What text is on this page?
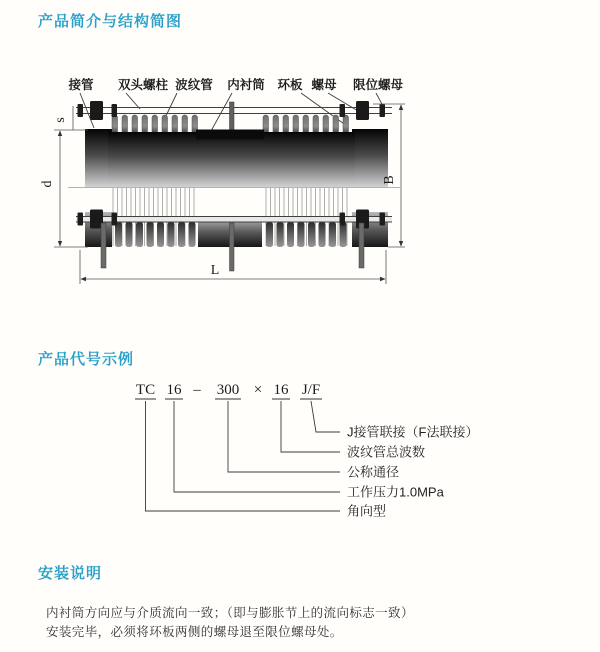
产品简介与结构简图
产品代号示例
安装说明
接管 双头螺柱 波纹管 内衬筒 环板 螺母 限位螺母
s
d	B
L
TC 16 – 300 × 16 J/F
J接管联接（F法联接）
波纹管总波数
公称通径
工作压力1.0MPa
角向型
内衬筒方向应与介质流向一致；（即与膨胀节上的流向标志一致）
安装完毕，必须将环板两侧的螺母退至限位螺母处。
